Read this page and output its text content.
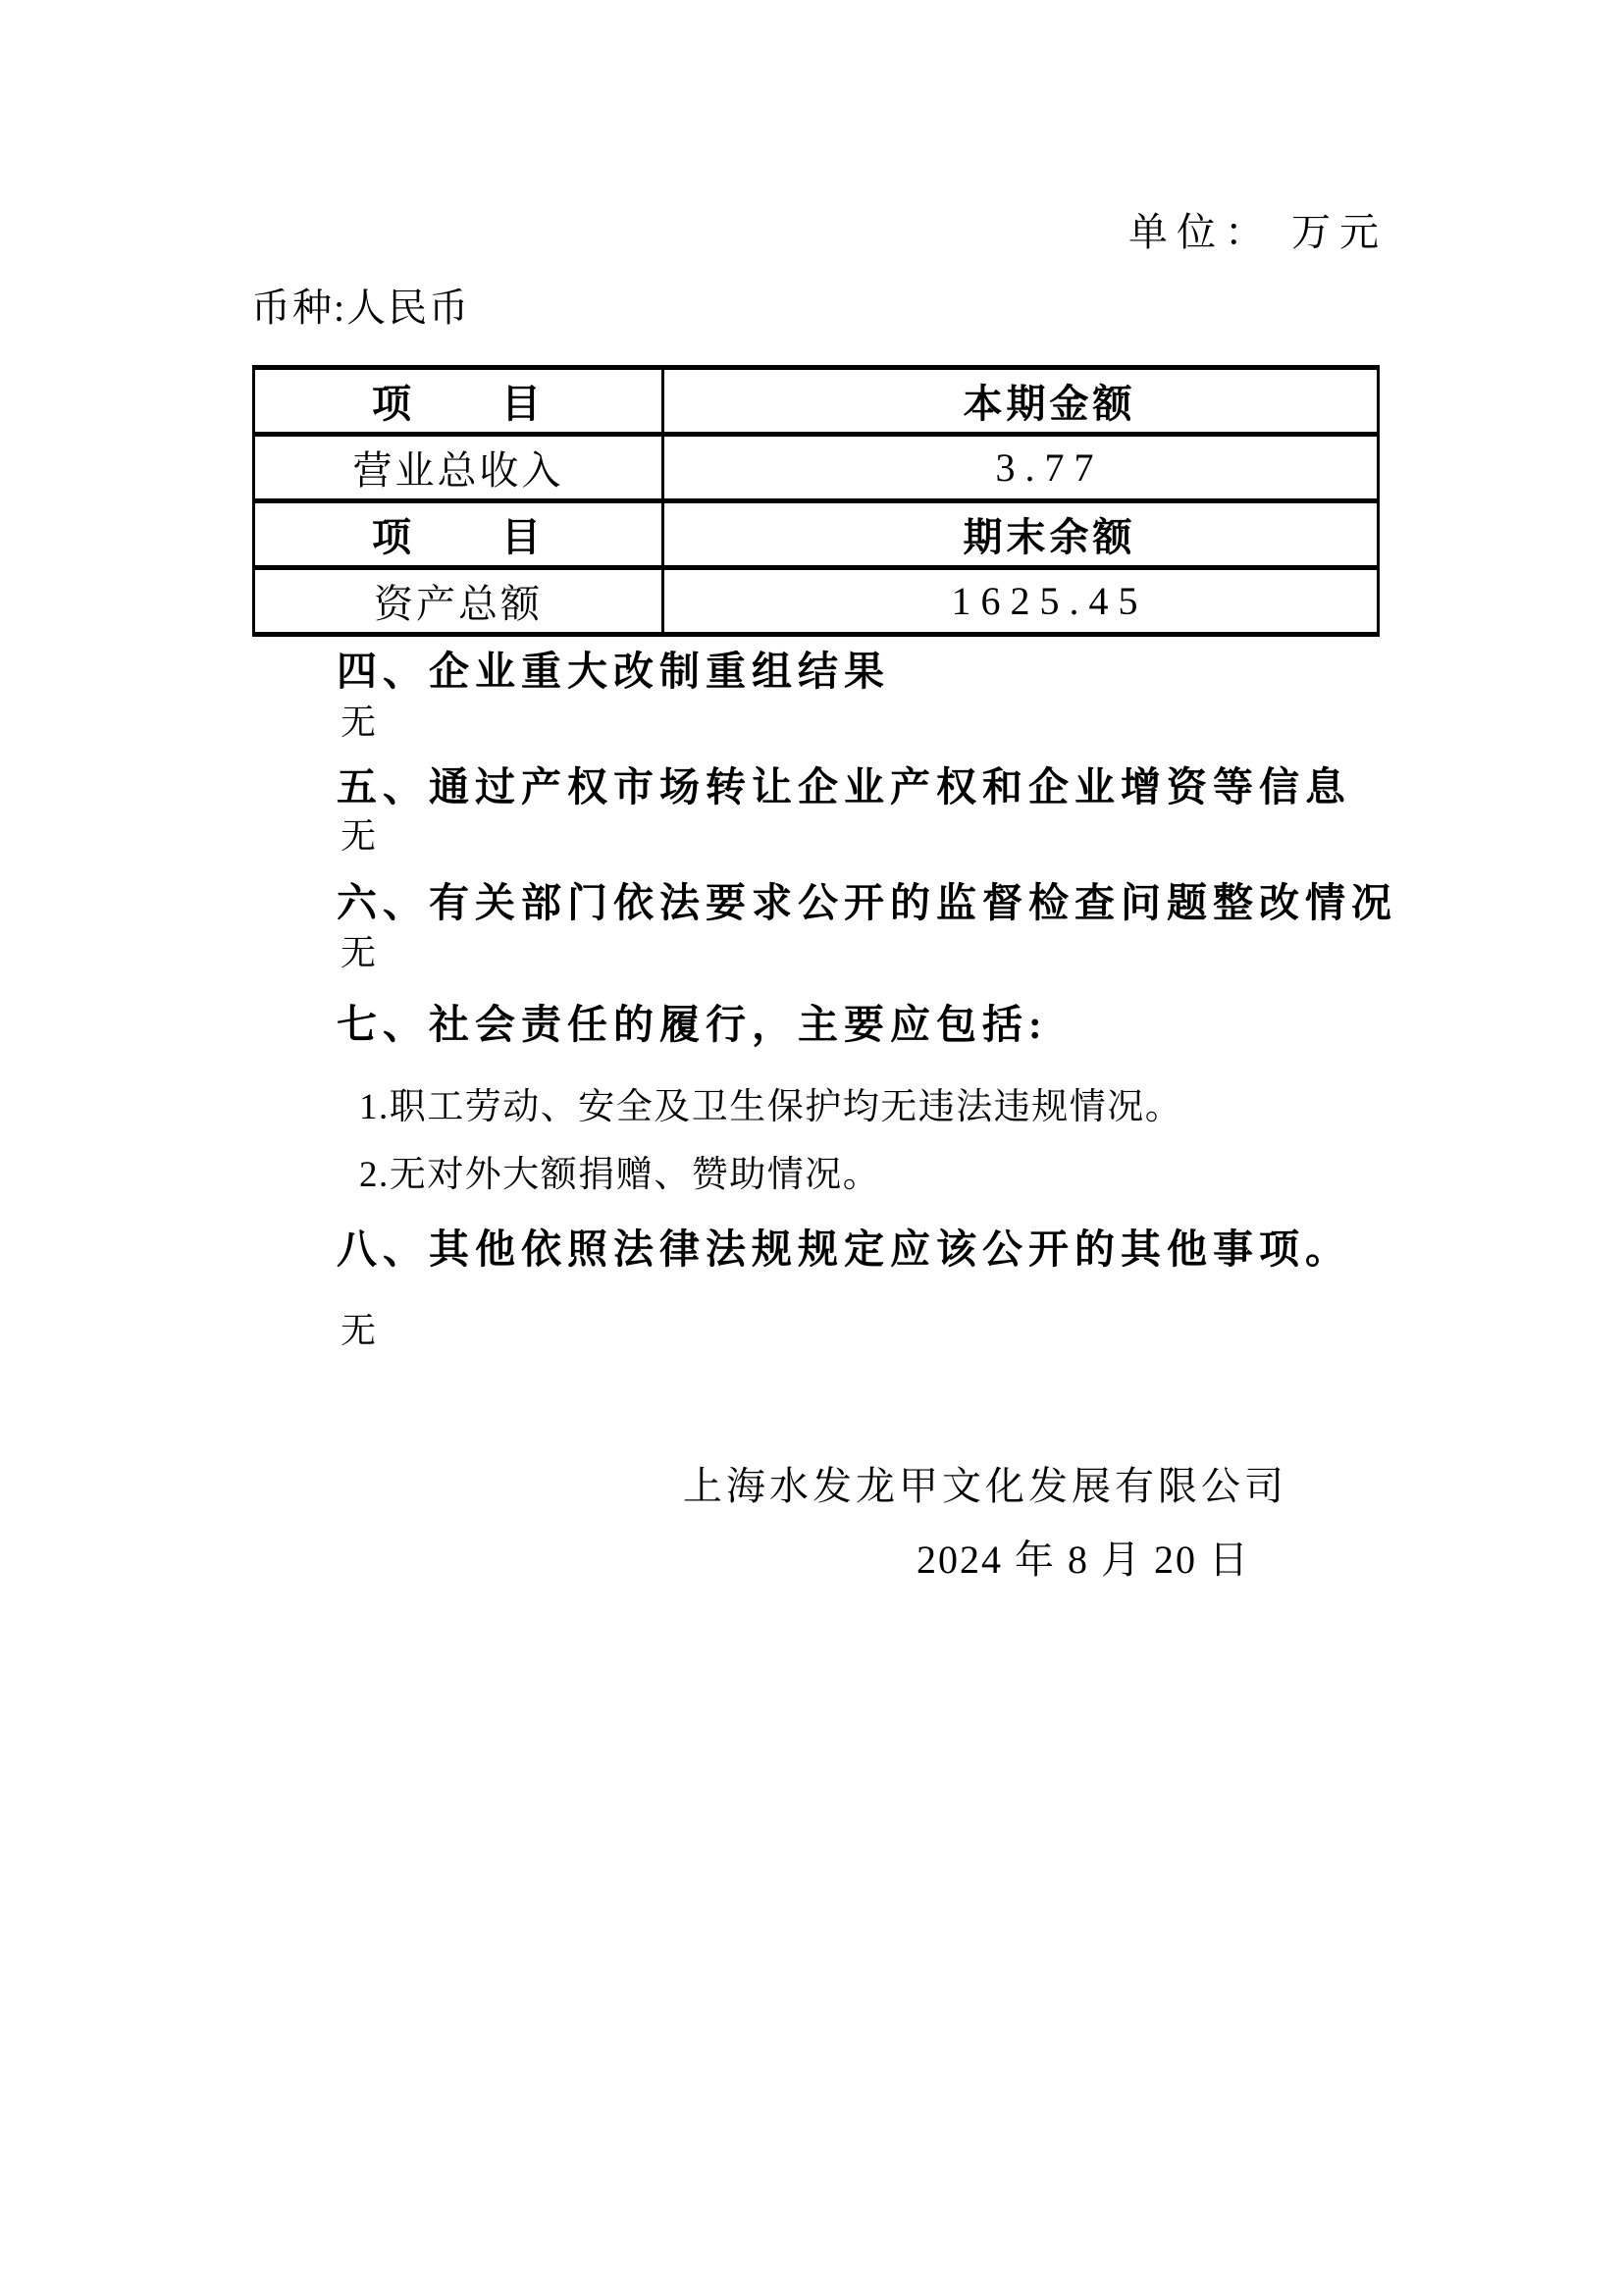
单位： 万元
币种:人民币
项　　目	本期金额
营业总收入	3.77
项　　目	期末余额
资产总额	1625.45
四、企业重大改制重组结果
无
五、通过产权市场转让企业产权和企业增资等信息
无
六、有关部门依法要求公开的监督检查问题整改情况
无
七、社会责任的履行，主要应包括:
1.职工劳动、安全及卫生保护均无违法违规情况。
2.无对外大额捐赠、赞助情况。
八、其他依照法律法规规定应该公开的其他事项。
无
上海水发龙甲文化发展有限公司
2024 年 8 月 20 日
